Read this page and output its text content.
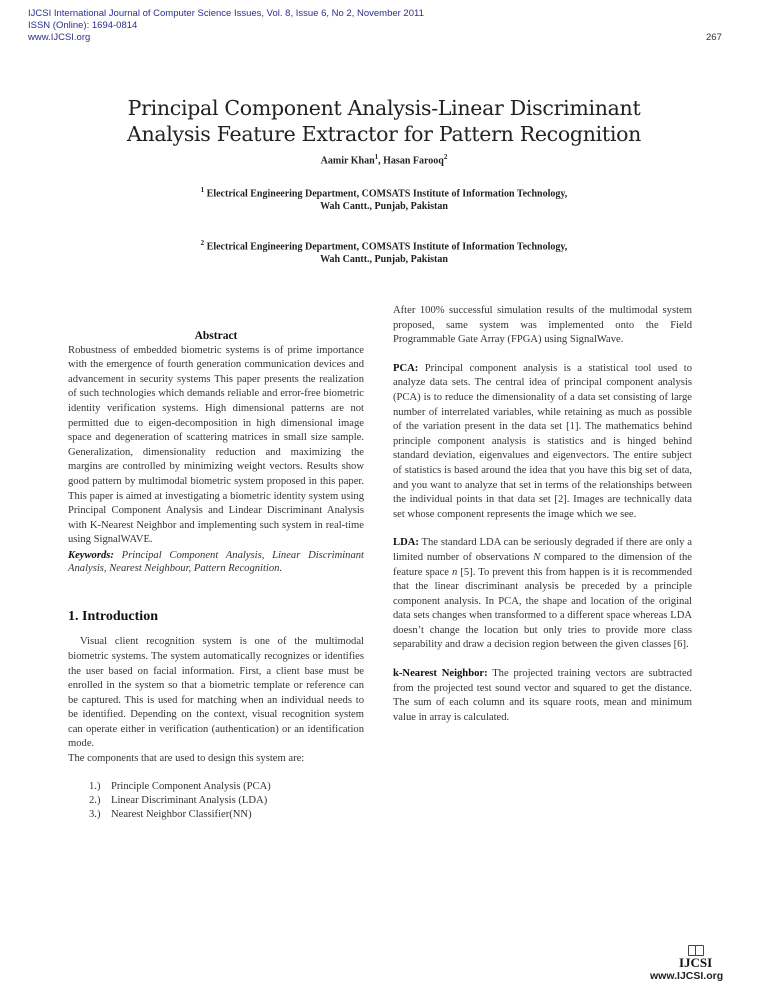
IJCSI International Journal of Computer Science Issues, Vol. 8, Issue 6, No 2, November 2011
ISSN (Online): 1694-0814
www.IJCSI.org	267
Principal Component Analysis-Linear Discriminant
Analysis Feature Extractor for Pattern Recognition
Aamir Khan$^1$, Hasan Farooq$^2$
$^1$ Electrical Engineering Department, COMSATS Institute of Information Technology,
Wah Cantt., Punjab, Pakistan
$^2$ Electrical Engineering Department, COMSATS Institute of Information Technology,
Wah Cantt., Punjab, Pakistan
Abstract

Robustness of embedded biometric systems is of prime importance with the emergence of fourth generation communication devices and advancement in security systems This paper presents the realization of such technologies which demands reliable and error-free biometric identity verification systems. High dimensional patterns are not permitted due to eigen-decomposition in high dimensional image space and degeneration of scattering matrices in small size sample. Generalization, dimensionality reduction and maximizing the margins are controlled by minimizing weight vectors. Results show good pattern by multimodal biometric system proposed in this paper. This paper is aimed at investigating a biometric identity system using Principal Component Analysis and Lindear Discriminant Analysis with K-Nearest Neighbor and implementing such system in real-time using SignalWAVE.

Keywords: Principal Component Analysis, Linear Discriminant Analysis, Nearest Neighbour, Pattern Recognition.

1. Introduction

Visual client recognition system is one of the multimodal biometric systems. The system automatically recognizes or identifies the user based on facial information. First, a client base must be enrolled in the system so that a biometric template or reference can be captured. This is used for matching when an individual needs to be identified. Depending on the context, visual recognition system can operate either in verification (authentication) or an identification mode.

The components that are used to design this system are:

1.) Principle Component Analysis (PCA)
2.) Linear Discriminant Analysis (LDA)
3.) Nearest Neighbor Classifier(NN)

After 100% successful simulation results of the multimodal system proposed, same system was implemented onto the Field Programmable Gate Array (FPGA) using SignalWave.

PCA: Principal component analysis is a statistical tool used to analyze data sets. The central idea of principal component analysis (PCA) is to reduce the dimensionality of a data set consisting of large number of interrelated variables, while retaining as much as possible of the variation present in the data set [1]. The mathematics behind principle component analysis is statistics and is hinged behind standard deviation, eigenvalues and eigenvectors. The entire subject of statistics is based around the idea that you have this big set of data, and you want to analyze that set in terms of the relationships between the individual points in that data set [2]. Images are technically data set whose component represents the image which we see.

LDA: The standard LDA can be seriously degraded if there are only a limited number of observations N compared to the dimension of the feature space n [5]. To prevent this from happen is it is recommended that the linear discriminant analysis be preceded by a principle component analysis. In PCA, the shape and location of the original data sets changes when transformed to a different space whereas LDA doesn’t change the location but only tries to provide more class separability and draw a decision region between the given classes [6].

k-Nearest Neighbor: The projected training vectors are subtracted from the projected test sound vector and squared to get the distance. The sum of each column and its square roots, mean and minimum value in array is calculated.

IJCSI
www.IJCSI.org
